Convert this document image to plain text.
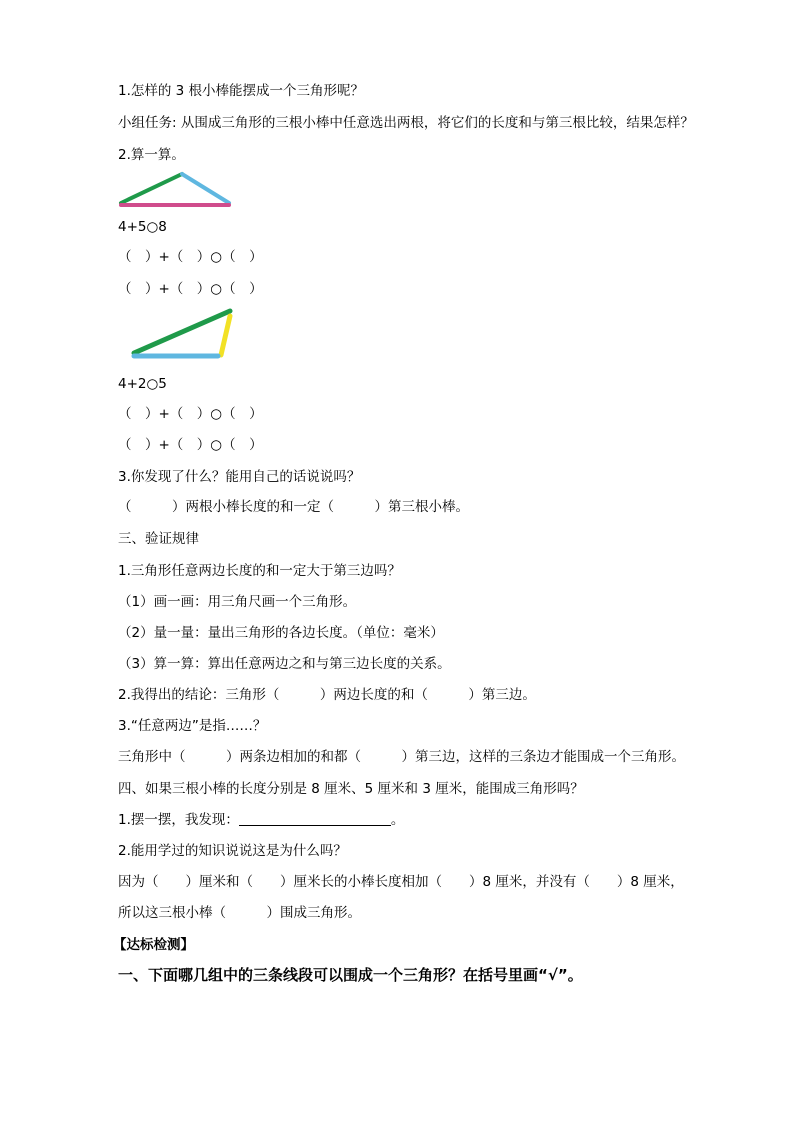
1.怎样的 3 根小棒能摆成一个三角形呢？
小组任务: 从围成三角形的三根小棒中任意选出两根，将它们的长度和与第三根比较，结果怎样？
2.算一算。
4+5○8
（　）+（　）○（　）
（　）+（　）○（　）
4+2○5
（　）+（　）○（　）
（　）+（　）○（　）
3.你发现了什么？能用自己的话说说吗？
（　　　）两根小棒长度的和一定（　　　）第三根小棒。
三、验证规律
1.三角形任意两边长度的和一定大于第三边吗？
（1）画一画：用三角尺画一个三角形。
（2）量一量：量出三角形的各边长度。（单位：毫米）
（3）算一算：算出任意两边之和与第三边长度的关系。
2.我得出的结论：三角形（　　　）两边长度的和（　　　）第三边。
3.“任意两边”是指……？
三角形中（　　　）两条边相加的和都（　　　）第三边，这样的三条边才能围成一个三角形。
四、如果三根小棒的长度分别是 8 厘米、5 厘米和 3 厘米，能围成三角形吗？
1.摆一摆，我发现：	。
2.能用学过的知识说说这是为什么吗？
因为（　　）厘米和（　　）厘米长的小棒长度相加（　　）8 厘米，并没有（　　）8 厘米，
所以这三根小棒（　　　）围成三角形。
【达标检测】
一、下面哪几组中的三条线段可以围成一个三角形？在括号里画“√”。
